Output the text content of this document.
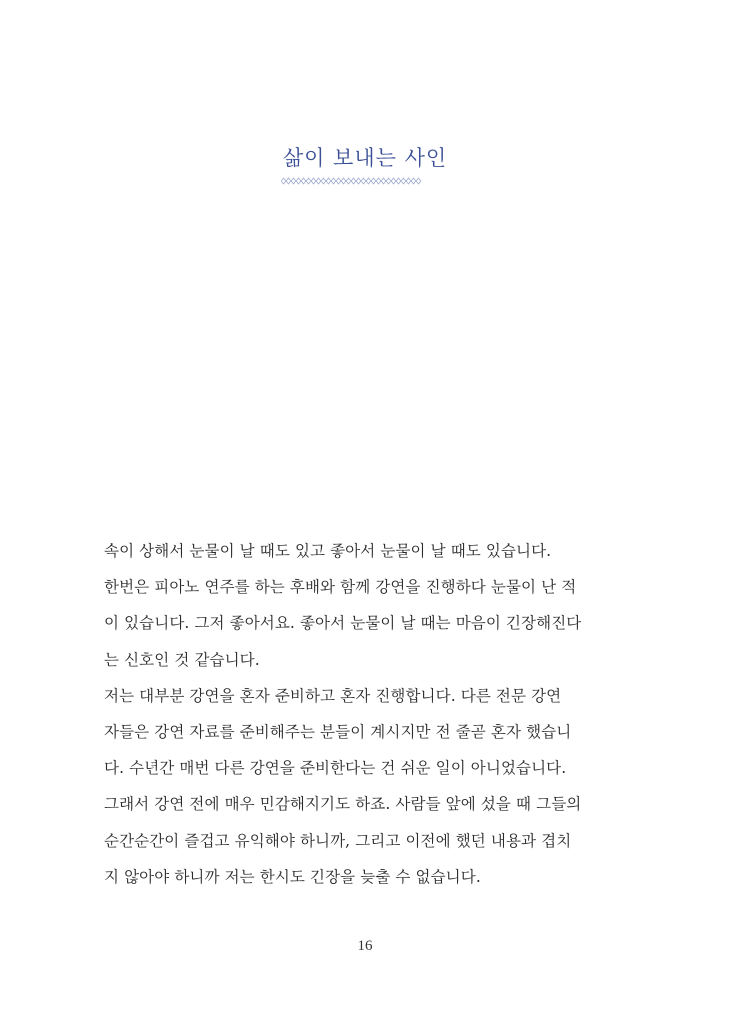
삶이 보내는 사인
속이 상해서 눈물이 날 때도 있고 좋아서 눈물이 날 때도 있습니다.
한번은 피아노 연주를 하는 후배와 함께 강연을 진행하다 눈물이 난 적
이 있습니다. 그저 좋아서요. 좋아서 눈물이 날 때는 마음이 긴장해진다
는 신호인 것 같습니다.
저는 대부분 강연을 혼자 준비하고 혼자 진행합니다. 다른 전문 강연
자들은 강연 자료를 준비해주는 분들이 계시지만 전 줄곧 혼자 했습니
다. 수년간 매번 다른 강연을 준비한다는 건 쉬운 일이 아니었습니다.
그래서 강연 전에 매우 민감해지기도 하죠. 사람들 앞에 섰을 때 그들의
순간순간이 즐겁고 유익해야 하니까, 그리고 이전에 했던 내용과 겹치
지 않아야 하니까 저는 한시도 긴장을 늦출 수 없습니다.
16
